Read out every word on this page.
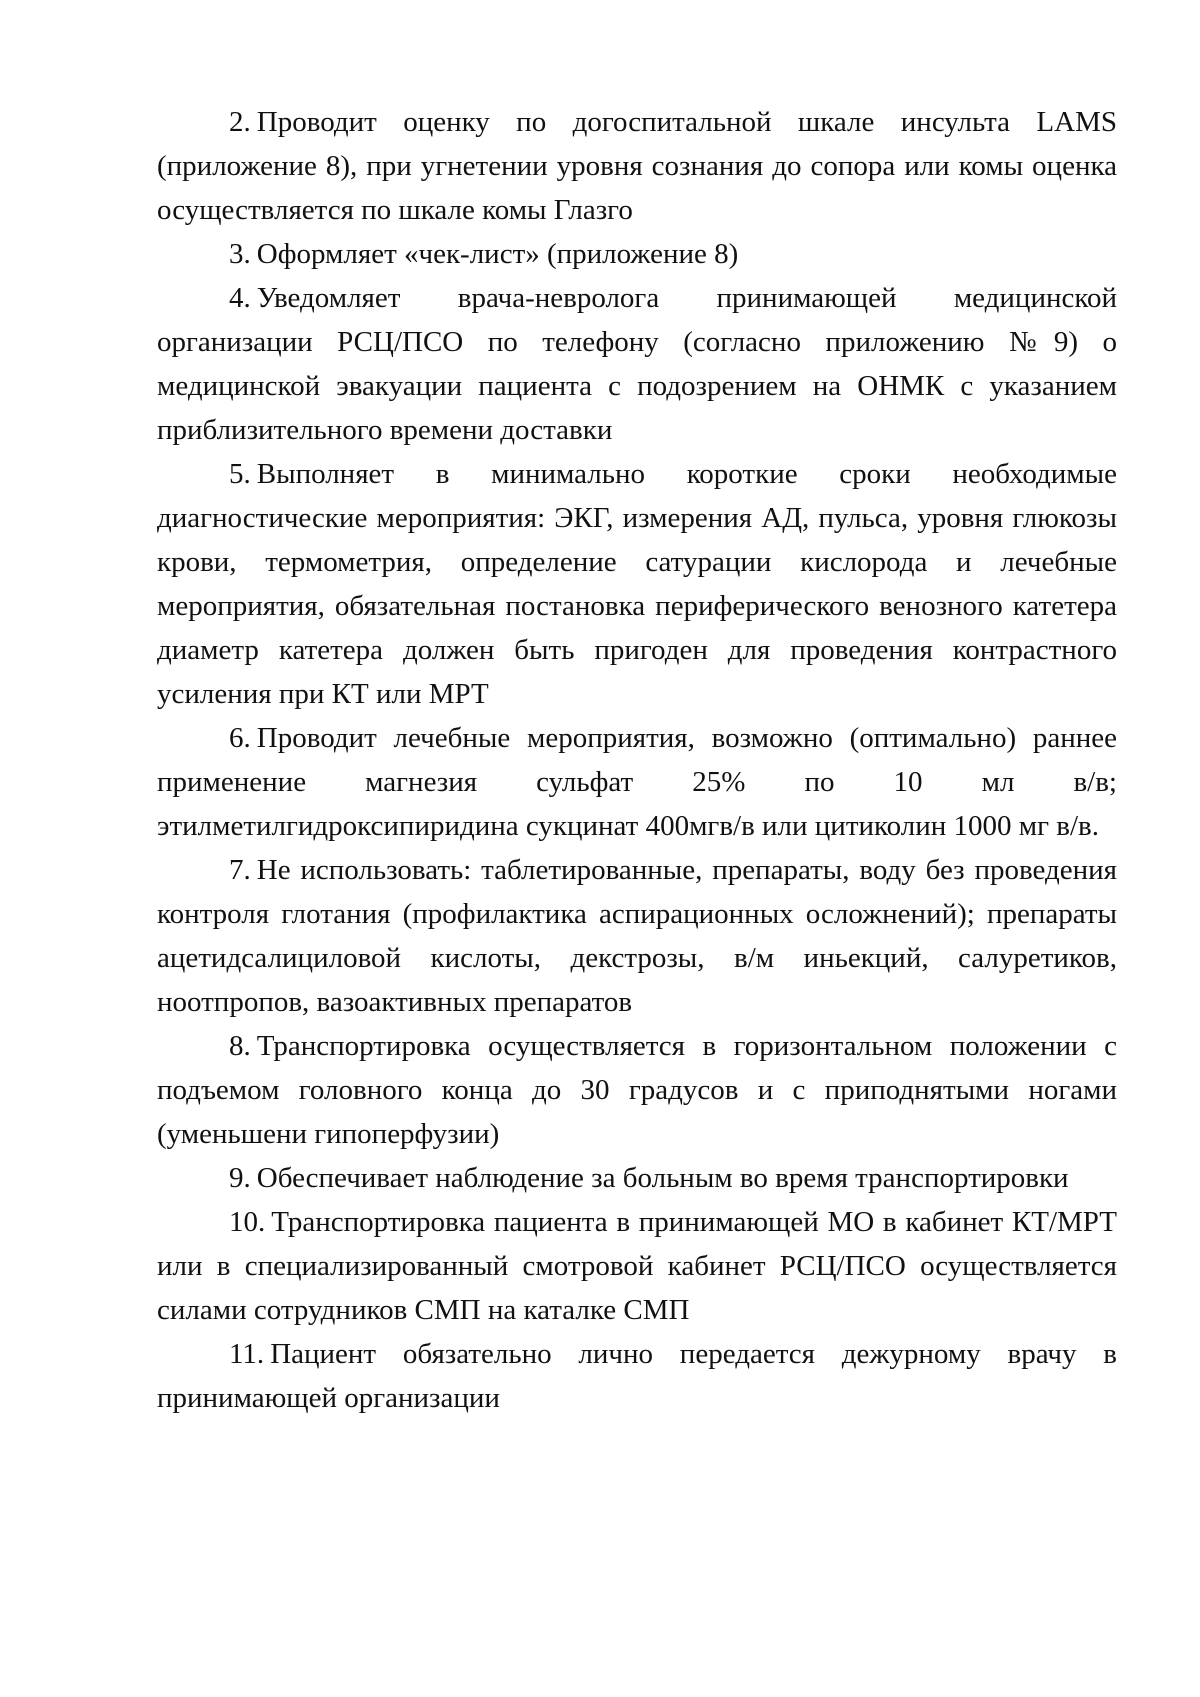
2. Проводит оценку по догоспитальной шкале инсульта LAMS (приложение 8), при угнетении уровня сознания до сопора или комы оценка осуществляется по шкале комы Глазго

3. Оформляет «чек-лист» (приложение 8)

4. Уведомляет врача-невролога принимающей медицинской организации РСЦ/ПСО по телефону (согласно приложению №9) о медицинской эвакуации пациента с подозрением на ОНМК с указанием приблизительного времени доставки

5. Выполняет в минимально короткие сроки необходимые диагностические мероприятия: ЭКГ, измерения АД, пульса, уровня глюкозы крови, термометрия, определение сатурации кислорода и лечебные мероприятия, обязательная постановка периферического венозного катетера диаметр катетера должен быть пригоден для проведения контрастного усиления при КТ или МРТ

6. Проводит лечебные мероприятия, возможно (оптимально) раннее применение магнезия сульфат 25% по 10 мл в/в; этилметилгидроксипиридина сукцинат 400мгв/в или цитиколин 1000 мг в/в.

7. Не использовать: таблетированные, препараты, воду без проведения контроля глотания (профилактика аспирационных осложнений); препараты ацетидсалициловой кислоты, декстрозы, в/м иньекций, салуретиков, ноотпропов, вазоактивных препаратов

8. Транспортировка осуществляется в горизонтальном положении с подъемом головного конца до 30 градусов и с приподнятыми ногами (уменьшени гипоперфузии)

9. Обеспечивает наблюдение за больным во время транспортировки

10. Транспортировка пациента в принимающей МО в кабинет КТ/МРТ или в специализированный смотровой кабинет РСЦ/ПСО осуществляется силами сотрудников СМП на каталке СМП

11. Пациент обязательно лично передается дежурному врачу в принимающей организации
